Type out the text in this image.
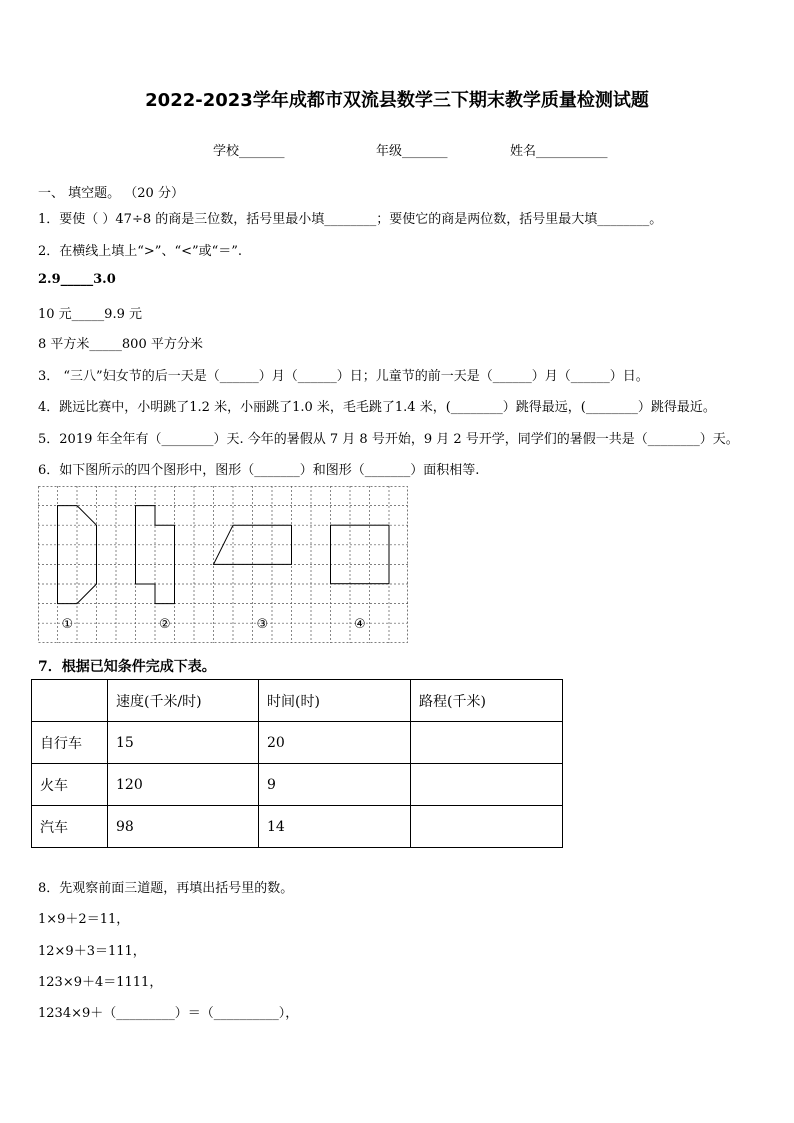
2022-2023学年成都市双流县数学三下期末教学质量检测试题
学校_______	年级_______	姓名___________
一、 填空题。 （20 分）
1．要使（ ）47÷8 的商是三位数，括号里最小填________；要使它的商是两位数，括号里最大填________。
2．在横线上填上“>”、“<”或“＝”.
2.9_____3.0
10 元_____9.9 元
8 平方米_____800 平方分米
3． “三八”妇女节的后一天是（______）月（______）日；儿童节的前一天是（______）月（______）日。
4．跳远比赛中，小明跳了1.2 米，小丽跳了1.0 米，毛毛跳了1.4 米，(________）跳得最远，(________）跳得最近。
5．2019 年全年有（________）天. 今年的暑假从 7 月 8 号开始，9 月 2 号开学，同学们的暑假一共是（________）天。
6．如下图所示的四个图形中，图形（_______）和图形（_______）面积相等.
①	②	③	④
7．根据已知条件完成下表。
	速度(千米/时)	时间(时)	路程(千米)
自行车	15	20	
火车	120	9	
汽车	98	14	
8．先观察前面三道题，再填出括号里的数。
1×9＋2＝11，
12×9＋3＝111，
123×9＋4＝1111，
1234×9＋（_________）＝（__________），
